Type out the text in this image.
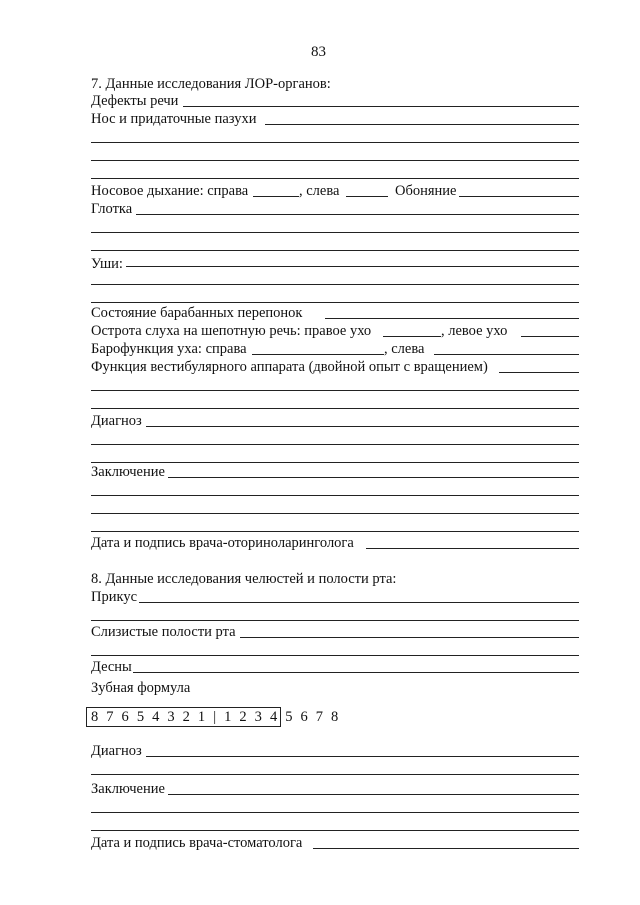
83
7. Данные исследования ЛОР-органов:
Дефекты речи
Нос и придаточные пазухи
Носовое дыхание: справа	, слева	Обоняние
Глотка
Уши:
Состояние барабанных перепонок
Острота слуха на шепотную речь: правое ухо	, левое ухо
Барофункция уха: справа	, слева
Функция вестибулярного аппарата (двойной опыт с вращением)
Диагноз
Заключение
Дата и подпись врача-оториноларинголога
8. Данные исследования челюстей и полости рта:
Прикус
Слизистые полости рта
Десны
Зубная формула
8 7 6 5 4 3 2 1 | 1 2 3 4 5 6 7 8
Диагноз
Заключение
Дата и подпись врача-стоматолога
